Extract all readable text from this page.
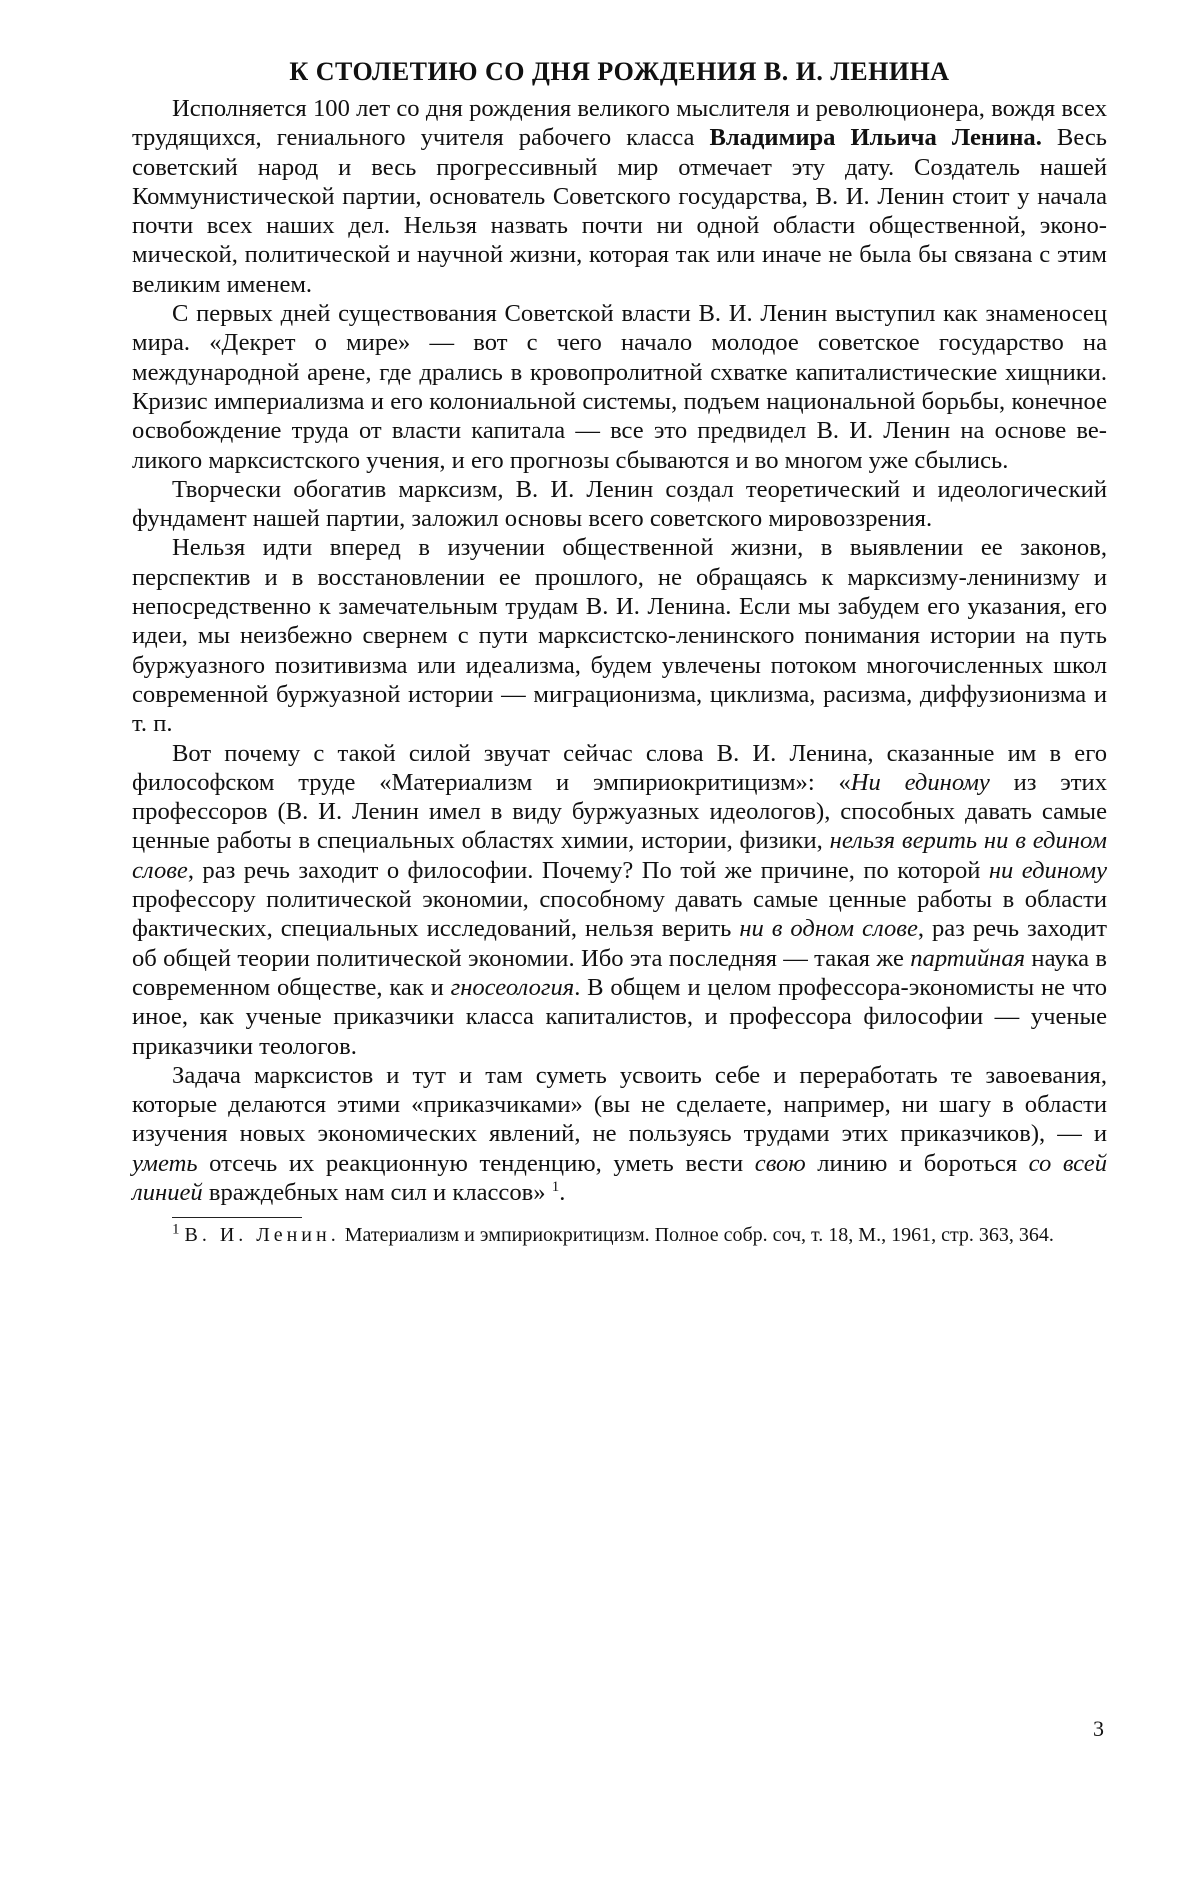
К СТОЛЕТИЮ СО ДНЯ РОЖДЕНИЯ В. И. ЛЕНИНА

Исполняется 100 лет со дня рождения великого мыслителя и революционера, вождя всех трудящихся, гениального учителя рабочего класса Владимира Ильича Ленина. Весь советский народ и весь прогрессивный мир отмечает эту дату. Создатель нашей Коммунистической партии, основатель Советского государства, В. И. Ленин стоит у начала почти всех наших дел. Нельзя назвать почти ни одной области общественной, экономической, политической и научной жизни, которая так или иначе не была бы связана с этим великим именем.

С первых дней существования Советской власти В. И. Ленин выступил как знаменосец мира. «Декрет о мире» — вот с чего начало молодое советское государство на международной арене, где дрались в кровопролитной схватке капиталистические хищники. Кризис империализма и его колониальной системы, подъем национальной борьбы, конечное освобождение труда от власти капитала — все это предвидел В. И. Ленин на основе великого марксистского учения, и его прогнозы сбываются и во многом уже сбылись.

Творчески обогатив марксизм, В. И. Ленин создал теоретический и идеологический фундамент нашей партии, заложил основы всего советского мировоззрения.

Нельзя идти вперед в изучении общественной жизни, в выявлении ее законов, перспектив и в восстановлении ее прошлого, не обращаясь к марксизму-ленинизму и непосредственно к замечательным трудам В. И. Ленина. Если мы забудем его указания, его идеи, мы неизбежно свернем с пути марксистско-ленинского понимания истории на путь буржуазного позитивизма или идеализма, будем увлечены потоком многочисленных школ современной буржуазной истории — миграционизма, циклизма, расизма, диффузионизма и т. п.

Вот почему с такой силой звучат сейчас слова В. И. Ленина, сказанные им в его философском труде «Материализм и эмпириокритицизм»: «Ни единому из этих профессоров (В. И. Ленин имел в виду буржуазных идеологов), способных давать самые ценные работы в специальных областях химии, истории, физики, нельзя верить ни в едином слове, раз речь заходит о философии. Почему? По той же причине, по которой ни единому профессору политической экономии, способному давать самые ценные работы в области фактических, специальных исследований, нельзя верить ни в одном слове, раз речь заходит об общей теории политической экономии. Ибо эта последняя — такая же партийная наука в современном обществе, как и гносеология. В общем и целом профессора-экономисты не что иное, как ученые приказчики класса капиталистов, и профессора философии — ученые приказчики теологов.

Задача марксистов и тут и там суметь усвоить себе и переработать те завоевания, которые делаются этими «приказчиками» (вы не сделаете, например, ни шагу в области изучения новых экономических явлений, не пользуясь трудами этих приказчиков), — и уметь отсечь их реакционную тенденцию, уметь вести свою линию и бороться со всей линией враждебных нам сил и классов» $^1$.

$^1$ В. И. Ленин. Материализм и эмпириокритицизм. Полное собр. соч, т. 18, М., 1961, стр. 363, 364.

3
